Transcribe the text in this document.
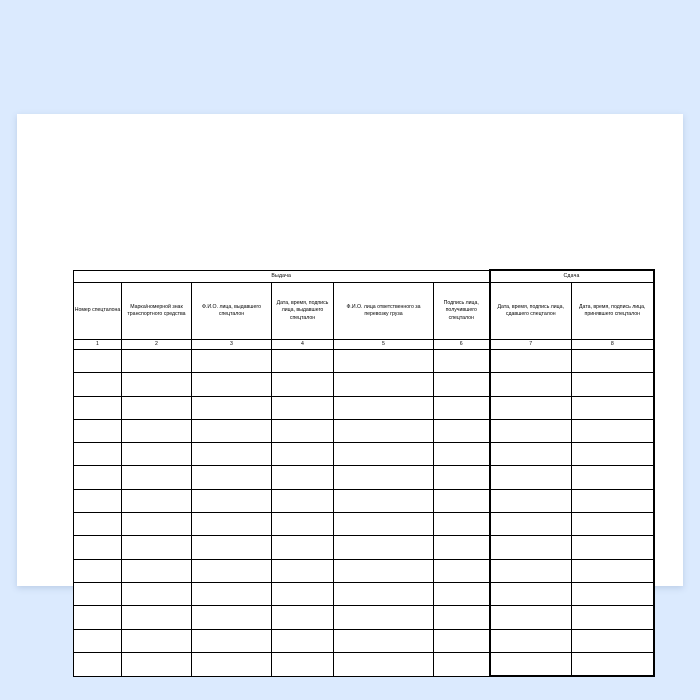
Выдача						Сдача	
Номер спецталона	Марка/номерной знак транспортного средства	Ф.И.О. лица, выдавшего спецталон	Дата, время, подпись лица, выдавшего спецталон	Ф.И.О. лица ответственного за перевозку груза	Подпись лица, получившего спецталон	Дата, время, подпись лица, сдавшего спецталон	Дата, время, подпись лица, принявшего спецталон
1	2	3	4	5	6	7	8
